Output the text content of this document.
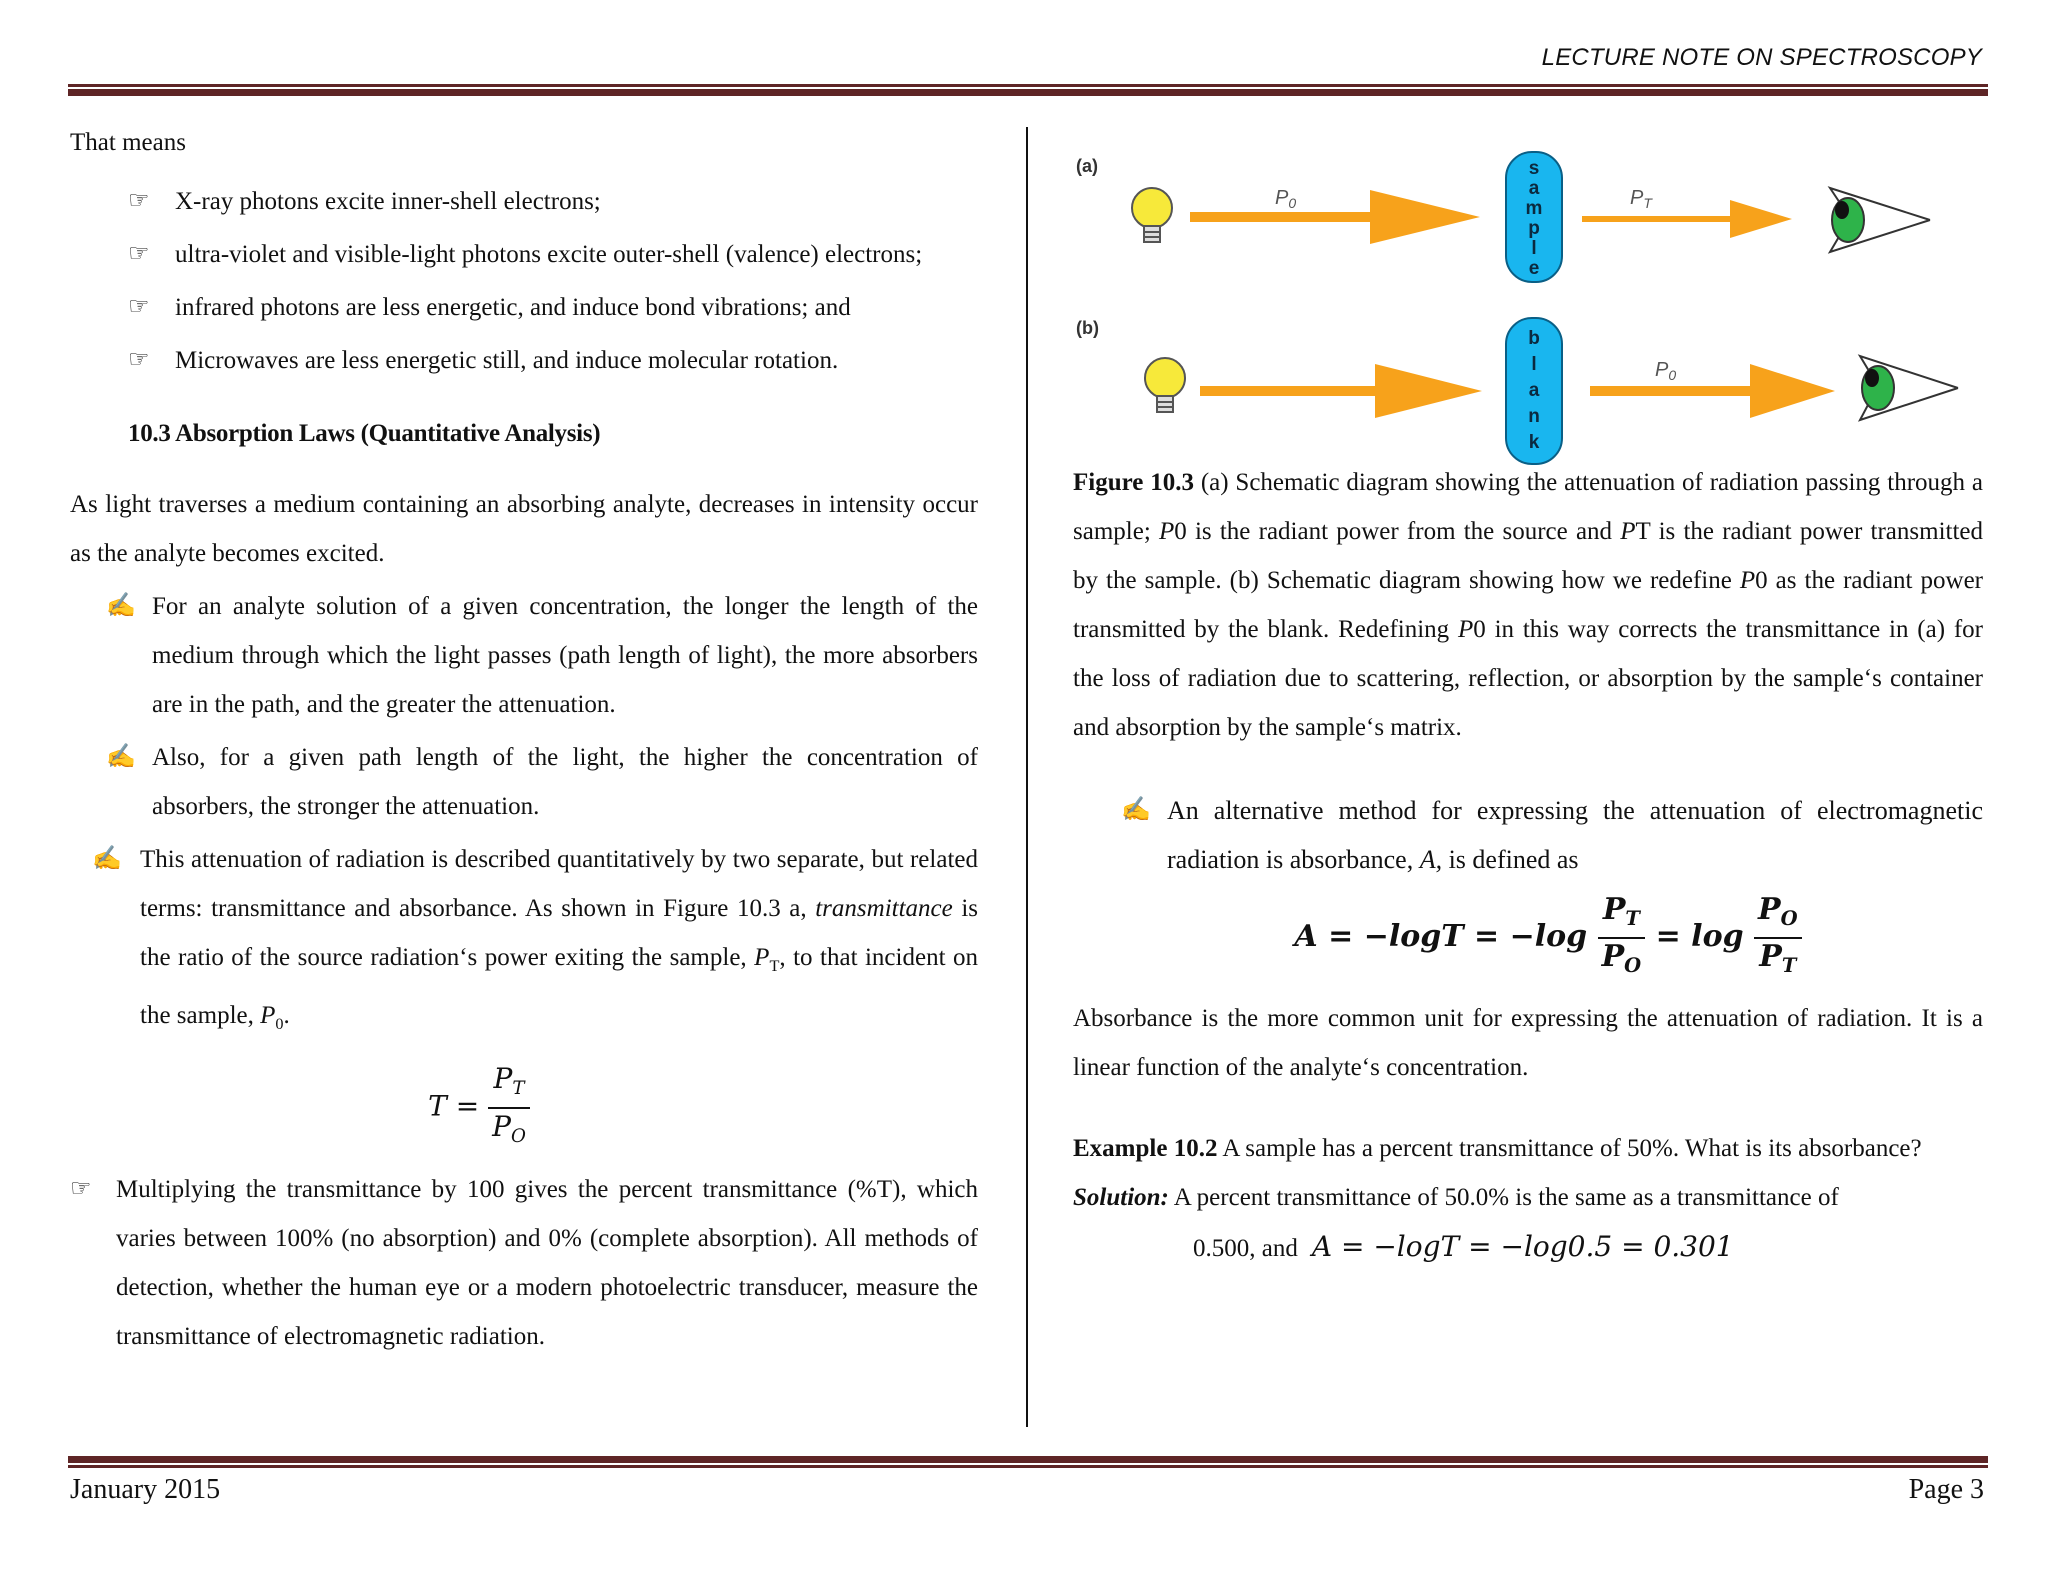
LECTURE NOTE ON SPECTROSCOPY

That means

☞ X-ray photons excite inner-shell electrons;
☞ ultra-violet and visible-light photons excite outer-shell (valence) electrons;
☞ infrared photons are less energetic, and induce bond vibrations; and
☞ Microwaves are less energetic still, and induce molecular rotation.
10.3 Absorption Laws (Quantitative Analysis)

As light traverses a medium containing an absorbing analyte, decreases in intensity occur as the analyte becomes excited.

✍ For an analyte solution of a given concentration, the longer the length of the medium through which the light passes (path length of light), the more absorbers are in the path, and the greater the attenuation.
✍ Also, for a given path length of the light, the higher the concentration of absorbers, the stronger the attenuation.
✍ This attenuation of radiation is described quantitatively by two separate, but related terms: transmittance and absorbance. As shown in Figure 10.3 a, transmittance is the ratio of the source radiation‘s power exiting the sample, $P_T$, to that incident on the sample, $P_0$.
$T = \frac{P_T}{P_O}$
☞ Multiplying the transmittance by 100 gives the percent transmittance (%T), which varies between 100% (no absorption) and 0% (complete absorption). All methods of detection, whether the human eye or a modern photoelectric transducer, measure the transmittance of electromagnetic radiation.
(a)
(b)
$P_0$
s
a
m
p
l
e
$P_T$
b
l
a
n
k
$P_0$

Figure 10.3 (a) Schematic diagram showing the attenuation of radiation passing through a sample; P0 is the radiant power from the source and PT is the radiant power transmitted by the sample. (b) Schematic diagram showing how we redefine P0 as the radiant power transmitted by the blank. Redefining P0 in this way corrects the transmittance in (a) for the loss of radiation due to scattering, reflection, or absorption by the sample‘s container and absorption by the sample‘s matrix.

✍ An alternative method for expressing the attenuation of electromagnetic radiation is absorbance, A, is defined as
$A = -\log T = -\log \frac{P_T}{P_O} = \log \frac{P_O}{P_T}$

Absorbance is the more common unit for expressing the attenuation of radiation. It is a linear function of the analyte‘s concentration.

Example 10.2 A sample has a percent transmittance of 50%. What is its absorbance?

Solution: A percent transmittance of 50.0% is the same as a transmittance of

0.500, and A = −logT = −log0.5 = 0.301

January 2015	Page 3
